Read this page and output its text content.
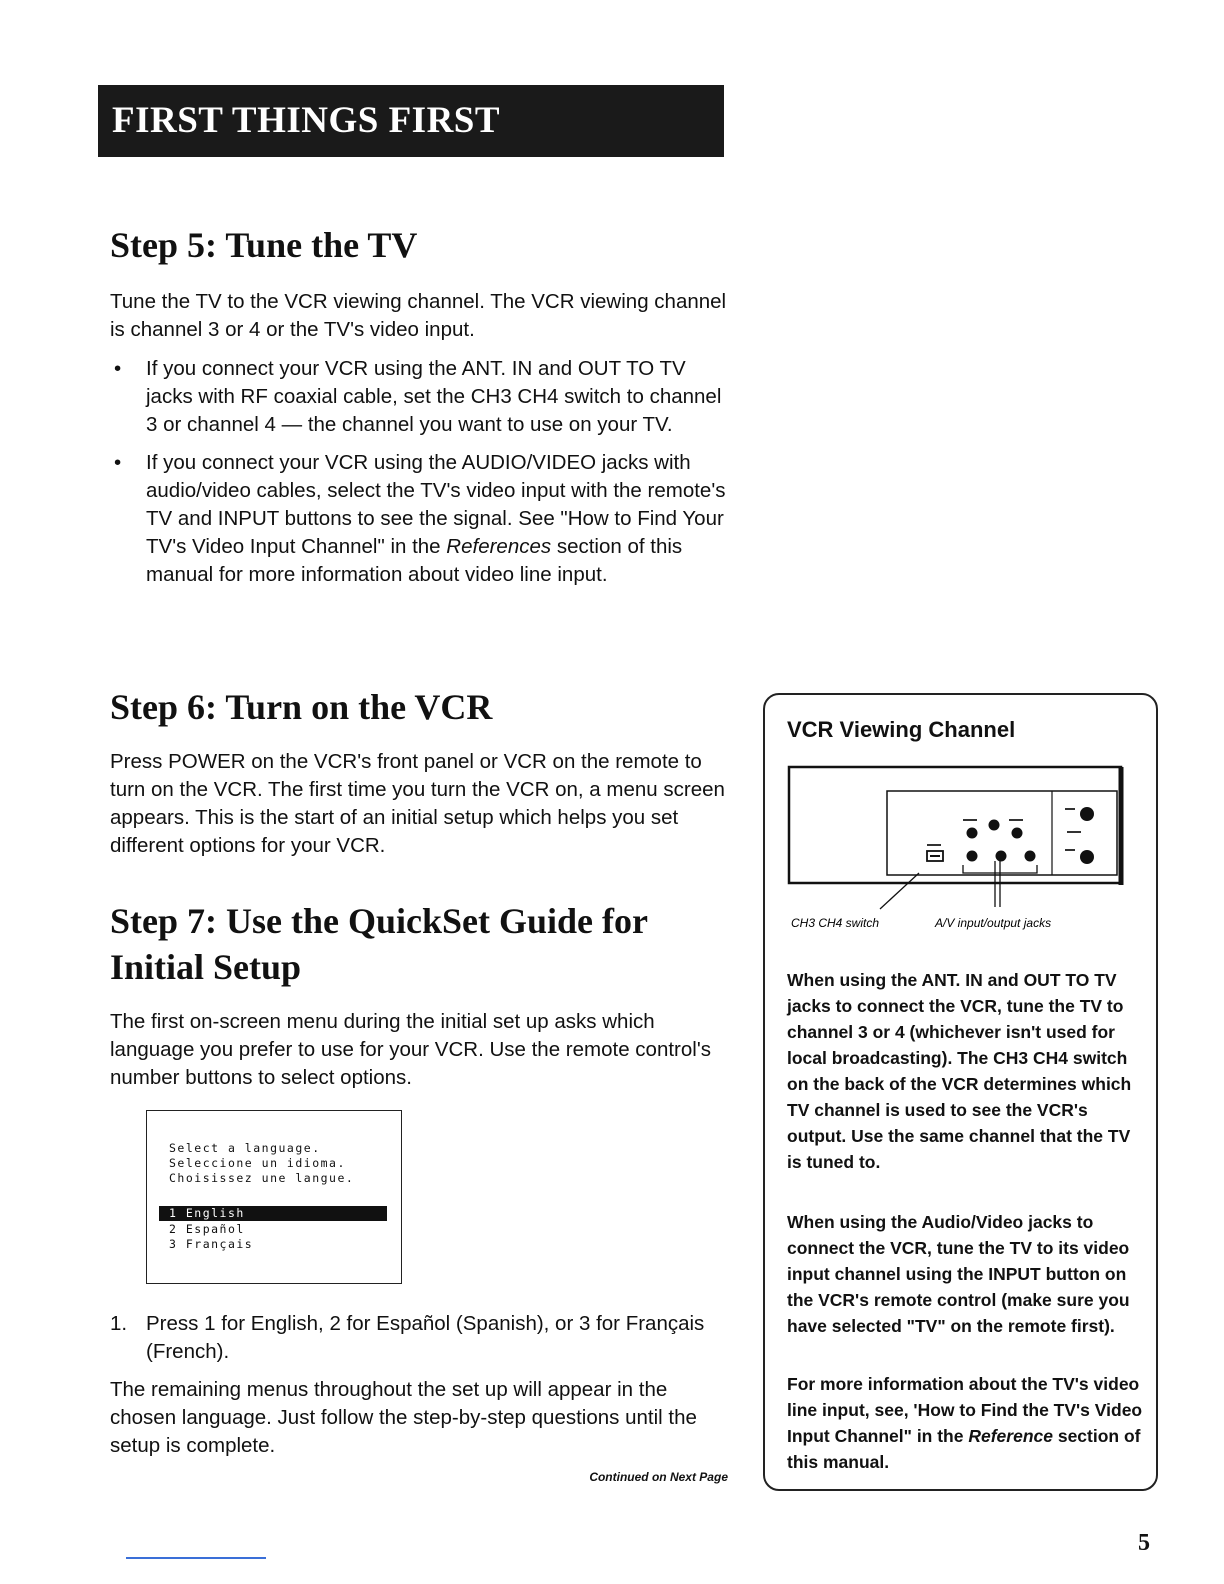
FIRST THINGS FIRST
Step 5: Tune the TV

Tune the TV to the VCR viewing channel. The VCR viewing channel is channel 3 or 4 or the TV's video input.

• If you connect your VCR using the ANT. IN and OUT TO TV jacks with RF coaxial cable, set the CH3 CH4 switch to channel 3 or channel 4 — the channel you want to use on your TV.
• If you connect your VCR using the AUDIO/VIDEO jacks with audio/video cables, select the TV's video input with the remote's TV and INPUT buttons to see the signal. See "How to Find Your TV's Video Input Channel" in the References section of this manual for more information about video line input.
Step 6: Turn on the VCR

Press POWER on the VCR's front panel or VCR on the remote to turn on the VCR. The first time you turn the VCR on, a menu screen appears. This is the start of an initial setup which helps you set different options for your VCR.

Step 7: Use the QuickSet Guide for
Initial Setup

The first on-screen menu during the initial set up asks which language you prefer to use for your VCR. Use the remote control's number buttons to select options.

Select a language.
Seleccione un idioma.
Choisissez une langue.
1 English
2 Español
3 Français
1. Press 1 for English, 2 for Español (Spanish), or 3 for Français (French).

The remaining menus throughout the set up will appear in the chosen language. Just follow the step-by-step questions until the setup is complete.

Continued on Next Page
VCR Viewing Channel
CH3 CH4 switch	A/V input/output jacks

When using the ANT. IN and OUT TO TV jacks to connect the VCR, tune the TV to channel 3 or 4 (whichever isn't used for local broadcasting). The CH3 CH4 switch on the back of the VCR determines which TV channel is used to see the VCR's output. Use the same channel that the TV is tuned to.

When using the Audio/Video jacks to connect the VCR, tune the TV to its video input channel using the INPUT button on the VCR's remote control (make sure you have selected "TV" on the remote first).

For more information about the TV's video line input, see, 'How to Find the TV's Video Input Channel" in the Reference section of this manual.

5
